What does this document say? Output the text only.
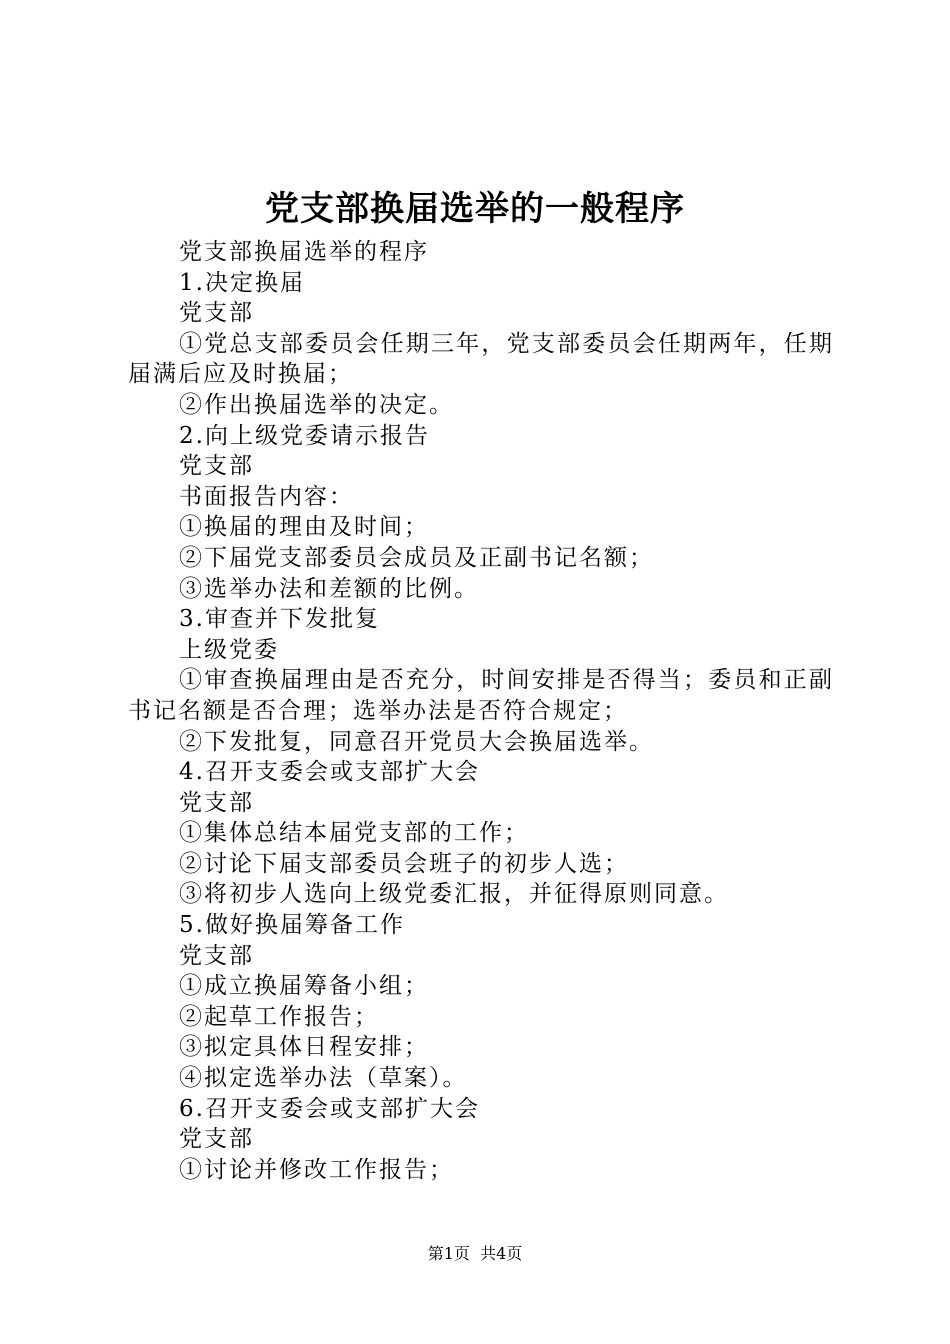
党支部换届选举的一般程序

党支部换届选举的程序

1.决定换届

党支部

①党总支部委员会任期三年，党支部委员会任期两年，任期届满后应及时换届；

②作出换届选举的决定。

2.向上级党委请示报告

党支部

书面报告内容：

①换届的理由及时间；

②下届党支部委员会成员及正副书记名额；

③选举办法和差额的比例。

3.审查并下发批复

上级党委

①审查换届理由是否充分，时间安排是否得当；委员和正副书记名额是否合理；选举办法是否符合规定；

②下发批复，同意召开党员大会换届选举。

4.召开支委会或支部扩大会

党支部

①集体总结本届党支部的工作；

②讨论下届支部委员会班子的初步人选；

③将初步人选向上级党委汇报，并征得原则同意。

5.做好换届筹备工作

党支部

①成立换届筹备小组；

②起草工作报告；

③拟定具体日程安排；

④拟定选举办法（草案）。

6.召开支委会或支部扩大会

党支部

①讨论并修改工作报告；

第1页 共4页
